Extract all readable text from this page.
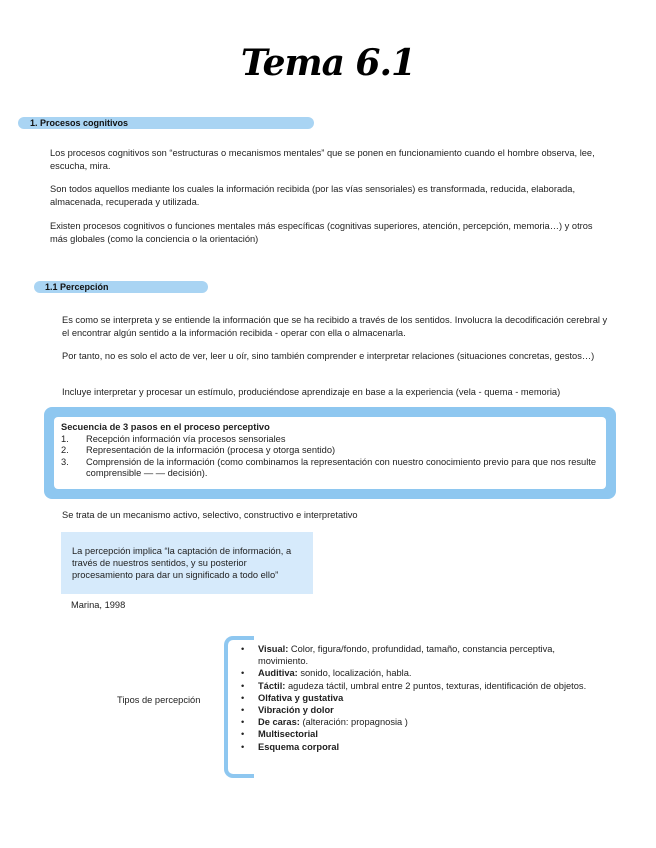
Tema 6.1
1. Procesos cognitivos

Los procesos cognitivos son “estructuras o mecanismos mentales” que se ponen en funcionamiento cuando el hombre observa, lee, escucha, mira.

Son todos aquellos mediante los cuales la información recibida (por las vías sensoriales) es transformada, reducida, elaborada, almacenada, recuperada y utilizada.

Existen procesos cognitivos o funciones mentales más específicas (cognitivas superiores, atención, percepción, memoria…) y otros más globales (como la conciencia o la orientación)

1.1 Percepción

Es como se interpreta y se entiende la información que se ha recibido a través de los sentidos. Involucra la decodificación cerebral y el encontrar algún sentido a la información recibida - operar con ella o almacenarla.

Por tanto, no es solo el acto de ver, leer u oír, sino también comprender e interpretar relaciones (situaciones concretas, gestos…)

Incluye interpretar y procesar un estímulo, produciéndose aprendizaje en base a la experiencia (vela - quema - memoria)

Secuencia de 3 pasos en el proceso perceptivo
1.	Recepción información vía procesos sensoriales
2.	Representación de la información (procesa y otorga sentido)
3.	Comprensión de la información (como combinamos la representación con nuestro conocimiento previo para que nos resulte comprensible — — decisión).

Se trata de un mecanismo activo, selectivo, constructivo e interpretativo

La percepción implica “la captación de información, a través de nuestros sentidos, y su posterior procesamiento para dar un significado a todo ello”

Marina, 1998

Tipos de percepción

• Visual: Color, figura/fondo, profundidad, tamaño, constancia perceptiva, movimiento.
• Auditiva: sonido, localización, habla.
• Táctil: agudeza táctil, umbral entre 2 puntos, texturas, identificación de objetos.
• Olfativa y gustativa
• Vibración y dolor
• De caras: (alteración: propagnosia )
• Multisectorial
• Esquema corporal
